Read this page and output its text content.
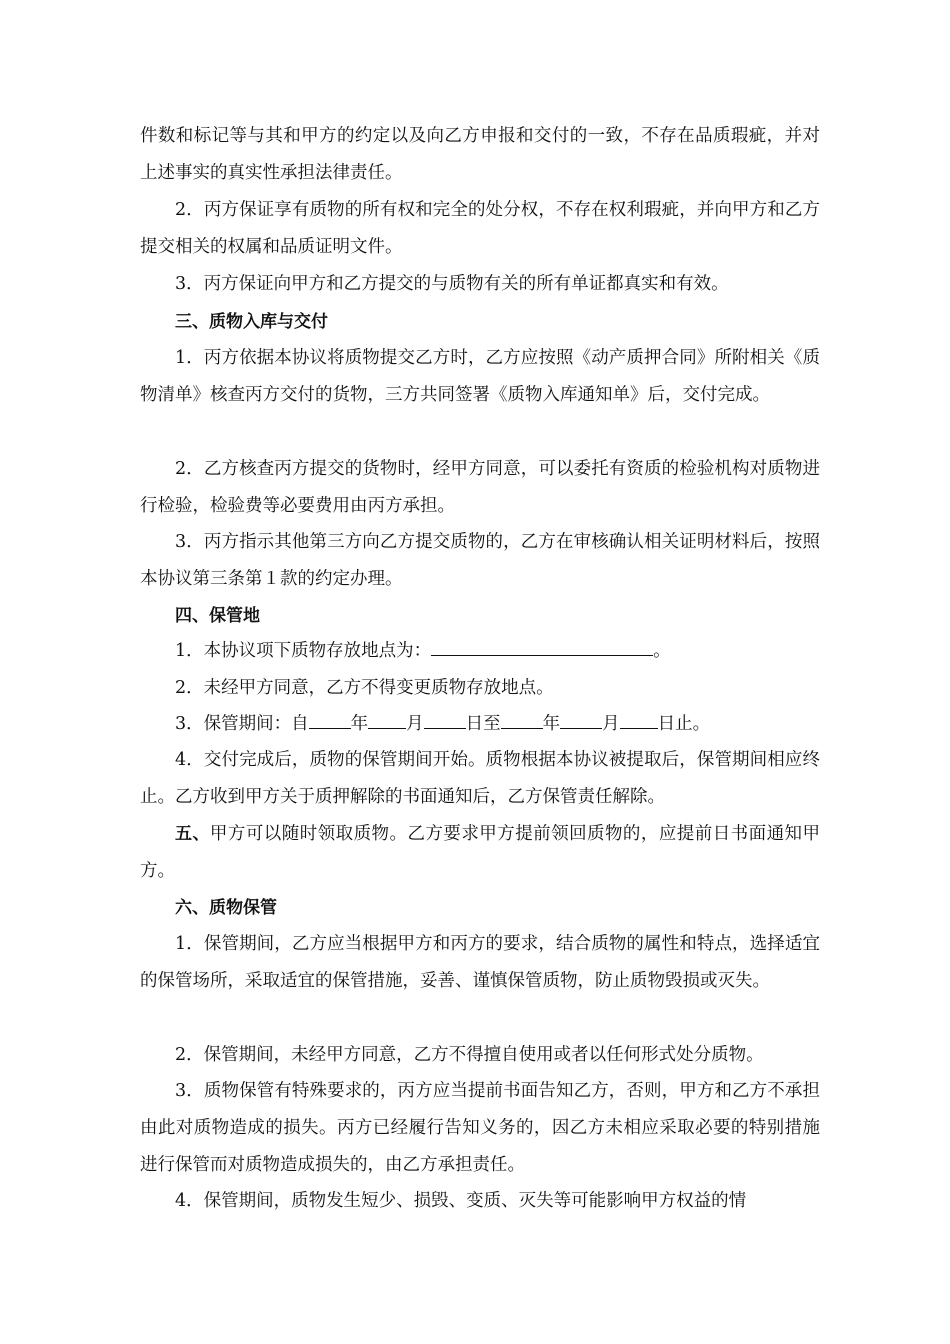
件数和标记等与其和甲方的约定以及向乙方申报和交付的一致，不存在品质瑕疵，并对上述事实的真实性承担法律责任。

2．丙方保证享有质物的所有权和完全的处分权，不存在权利瑕疵，并向甲方和乙方提交相关的权属和品质证明文件。

3．丙方保证向甲方和乙方提交的与质物有关的所有单证都真实和有效。

三、质物入库与交付

1．丙方依据本协议将质物提交乙方时，乙方应按照《动产质押合同》所附相关《质物清单》核查丙方交付的货物，三方共同签署《质物入库通知单》后，交付完成。

2．乙方核查丙方提交的货物时，经甲方同意，可以委托有资质的检验机构对质物进行检验，检验费等必要费用由丙方承担。

3．丙方指示其他第三方向乙方提交质物的，乙方在审核确认相关证明材料后，按照本协议第三条第１款的约定办理。

四、保管地

1．本协议项下质物存放地点为：	。

2．未经甲方同意，乙方不得变更质物存放地点。

3．保管期间：自 年 月 日至 年 月 日止。

4．交付完成后，质物的保管期间开始。质物根据本协议被提取后，保管期间相应终止。乙方收到甲方关于质押解除的书面通知后，乙方保管责任解除。

五、甲方可以随时领取质物。乙方要求甲方提前领回质物的，应提前日书面通知甲方。

六、质物保管

1．保管期间，乙方应当根据甲方和丙方的要求，结合质物的属性和特点，选择适宜的保管场所，采取适宜的保管措施，妥善、谨慎保管质物，防止质物毁损或灭失。

2．保管期间，未经甲方同意，乙方不得擅自使用或者以任何形式处分质物。

3．质物保管有特殊要求的，丙方应当提前书面告知乙方，否则，甲方和乙方不承担由此对质物造成的损失。丙方已经履行告知义务的，因乙方未相应采取必要的特别措施进行保管而对质物造成损失的，由乙方承担责任。

4．保管期间，质物发生短少、损毁、变质、灭失等可能影响甲方权益的情
